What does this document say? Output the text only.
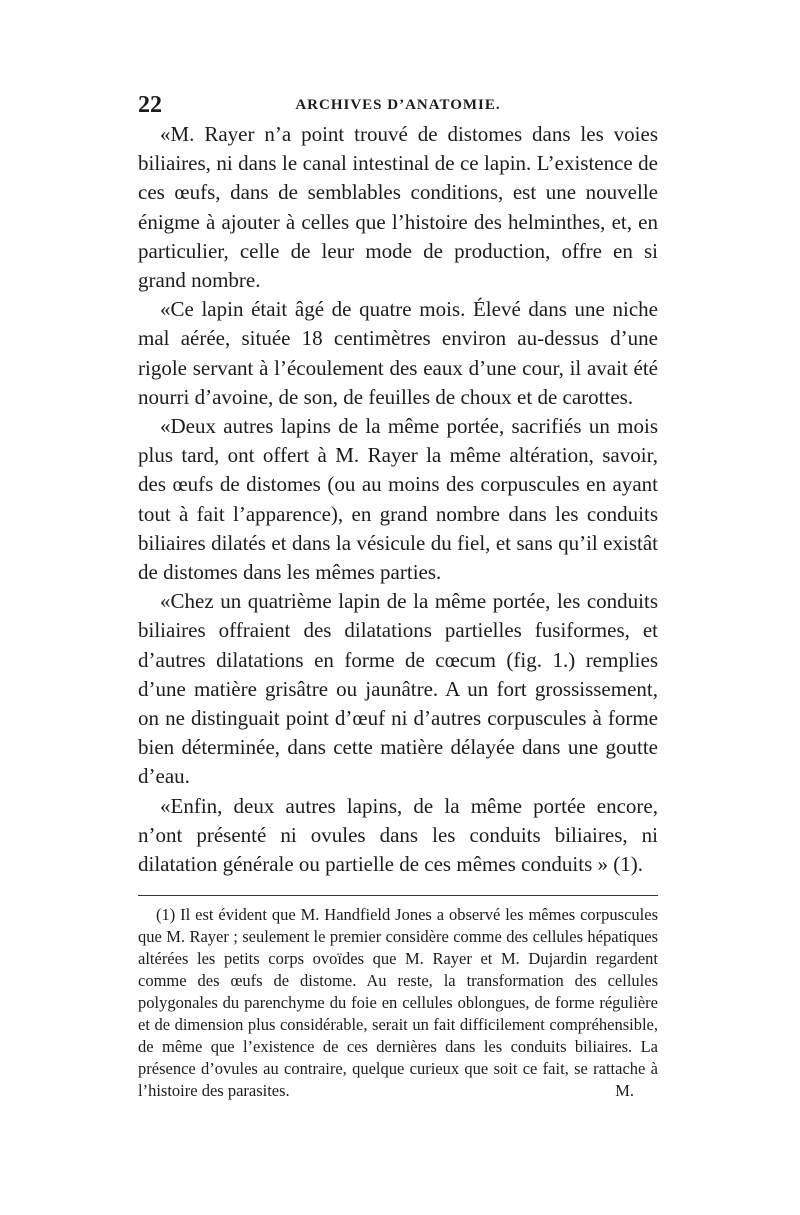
22	ARCHIVES D’ANATOMIE.

«M. Rayer n’a point trouvé de distomes dans les voies biliaires, ni dans le canal intestinal de ce lapin. L’existence de ces œufs, dans de semblables conditions, est une nouvelle énigme à ajouter à celles que l’histoire des helminthes, et, en particulier, celle de leur mode de production, offre en si grand nombre.

«Ce lapin était âgé de quatre mois. Élevé dans une niche mal aérée, située 18 centimètres environ au-dessus d’une rigole servant à l’écoulement des eaux d’une cour, il avait été nourri d’avoine, de son, de feuilles de choux et de carottes.

«Deux autres lapins de la même portée, sacrifiés un mois plus tard, ont offert à M. Rayer la même altération, savoir, des œufs de distomes (ou au moins des corpuscules en ayant tout à fait l’apparence), en grand nombre dans les conduits biliaires dilatés et dans la vésicule du fiel, et sans qu’il existât de distomes dans les mêmes parties.

«Chez un quatrième lapin de la même portée, les conduits biliaires offraient des dilatations partielles fusiformes, et d’autres dilatations en forme de cœcum (fig. 1.) remplies d’une matière grisâtre ou jaunâtre. A un fort grossissement, on ne distinguait point d’œuf ni d’autres corpuscules à forme bien déterminée, dans cette matière délayée dans une goutte d’eau.

«Enfin, deux autres lapins, de la même portée encore, n’ont présenté ni ovules dans les conduits biliaires, ni dilatation générale ou partielle de ces mêmes conduits » (1).

(1) Il est évident que M. Handfield Jones a observé les mêmes corpuscules que M. Rayer ; seulement le premier considère comme des cellules hépatiques altérées les petits corps ovoïdes que M. Rayer et M. Dujardin regardent comme des œufs de distome. Au reste, la transformation des cellules polygonales du parenchyme du foie en cellules oblongues, de forme régulière et de dimension plus considérable, serait un fait difficilement compréhensible, de même que l’existence de ces dernières dans les conduits biliaires. La présence d’ovules au contraire, quelque curieux que soit ce fait, se rattache à l’histoire des parasites.	M.
